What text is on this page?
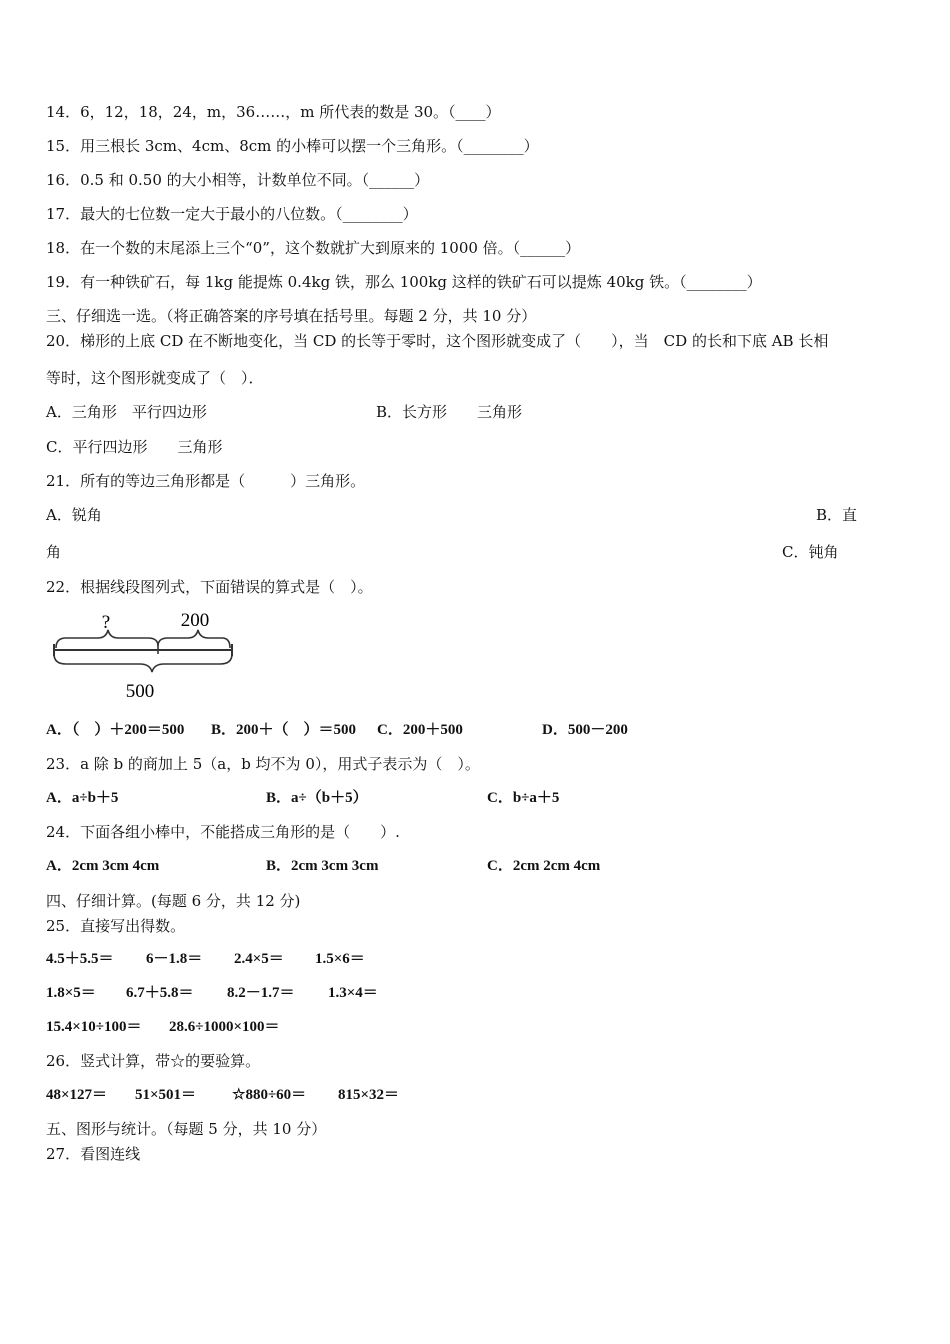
14．6，12，18，24，m，36……，m 所代表的数是 30。（____）
15．用三根长 3cm、4cm、8cm 的小棒可以摆一个三角形。（________）
16．0.5 和 0.50 的大小相等，计数单位不同。（______）
17．最大的七位数一定大于最小的八位数。（________）
18．在一个数的末尾添上三个“0”，这个数就扩大到原来的 1000 倍。（______）
19．有一种铁矿石，每 1kg 能提炼 0.4kg 铁，那么 100kg 这样的铁矿石可以提炼 40kg 铁。（________）
三、仔细选一选。（将正确答案的序号填在括号里。每题 2 分，共 10 分）
20．梯形的上底 CD 在不断地变化，当 CD 的长等于零时，这个图形就变成了（　　），当　CD 的长和下底 AB 长相
等时，这个图形就变成了（　）．
A．三角形　平行四边形	B．长方形　　三角形
C．平行四边形　　三角形
21．所有的等边三角形都是（　　　）三角形。
A．锐角	B．直
角	C．钝角
22．根据线段图列式，下面错误的算式是（　）。
?	200
500
A．（　）＋200＝500 B．200＋（　）＝500 C．200＋500	D．500－200
23．a 除 b 的商加上 5（a，b 均不为 0），用式子表示为（　）。
A．a÷b＋5	B．a÷（b＋5）	C．b÷a＋5
24．下面各组小棒中，不能搭成三角形的是（　　）.
A．2cm 3cm 4cm	B．2cm 3cm 3cm	C．2cm 2cm 4cm
四、仔细计算。(每题 6 分，共 12 分)
25．直接写出得数。
4.5＋5.5＝ 6－1.8＝ 2.4×5＝ 1.5×6＝
1.8×5＝ 6.7＋5.8＝ 8.2－1.7＝ 1.3×4＝
15.4×10÷100＝ 28.6÷1000×100＝
26．竖式计算，带☆的要验算。
48×127＝ 51×501＝ ☆880÷60＝ 815×32＝
五、图形与统计。（每题 5 分，共 10 分）
27．看图连线
